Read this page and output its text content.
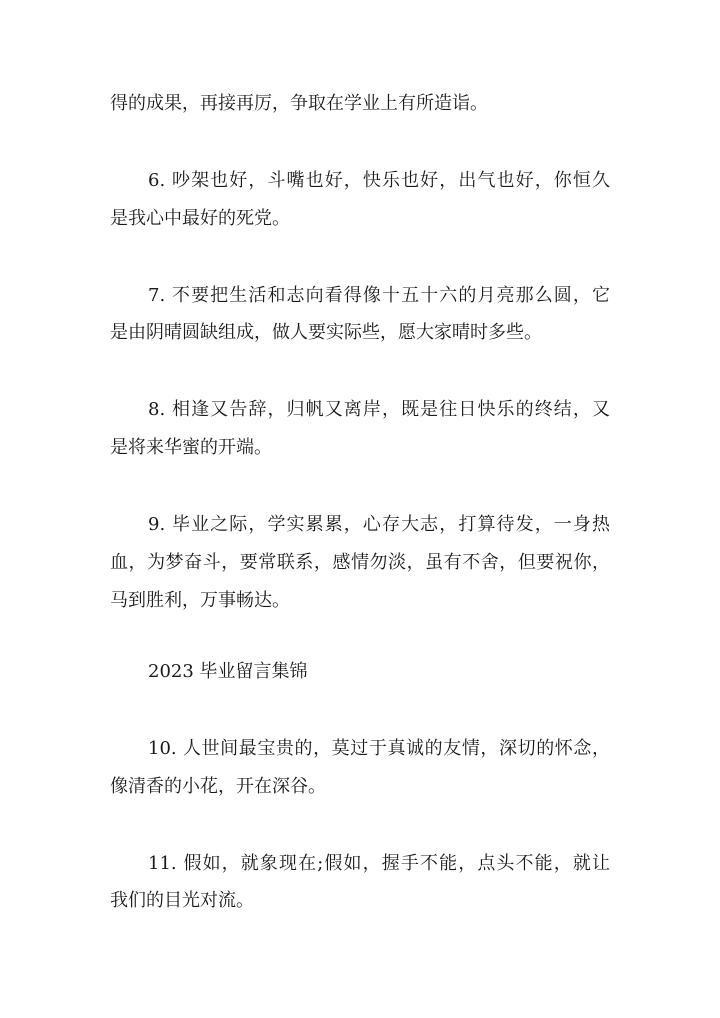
得的成果，再接再厉，争取在学业上有所造诣。
6. 吵架也好，斗嘴也好，快乐也好，出气也好，你恒久
是我心中最好的死党。
7. 不要把生活和志向看得像十五十六的月亮那么圆，它
是由阴晴圆缺组成，做人要实际些，愿大家晴时多些。
8. 相逢又告辞，归帆又离岸，既是往日快乐的终结，又
是将来华蜜的开端。
9. 毕业之际，学实累累，心存大志，打算待发，一身热
血，为梦奋斗，要常联系，感情勿淡，虽有不舍，但要祝你，
马到胜利，万事畅达。
2023 毕业留言集锦
10. 人世间最宝贵的，莫过于真诚的友情，深切的怀念，
像清香的小花，开在深谷。
11. 假如，就象现在;假如，握手不能，点头不能，就让
我们的目光对流。
